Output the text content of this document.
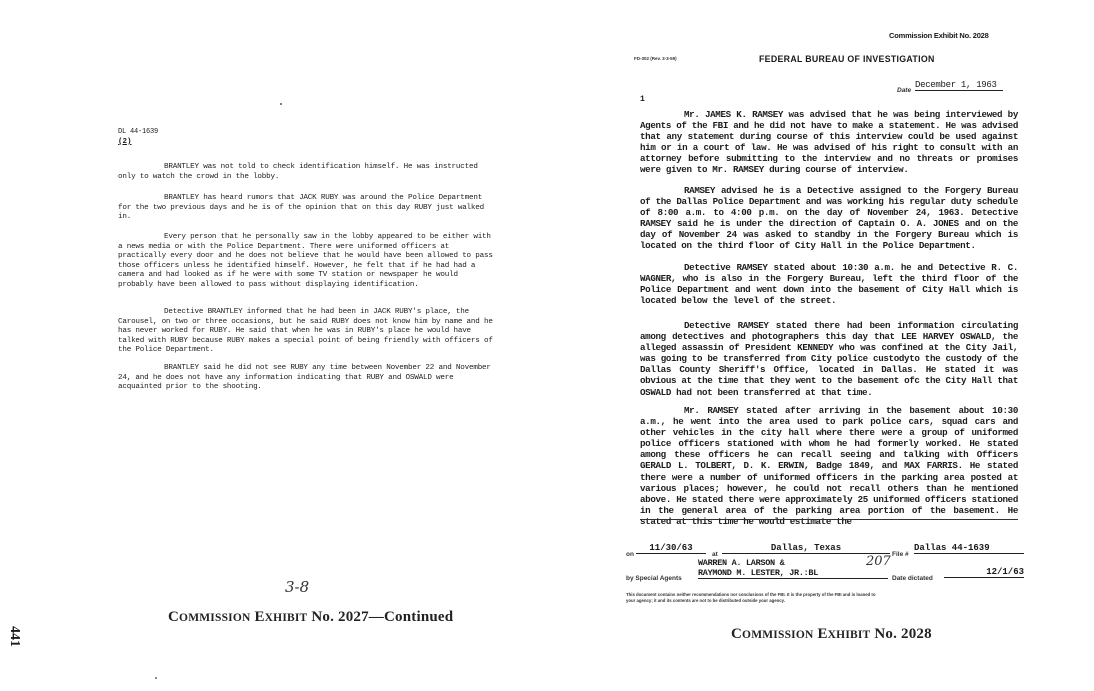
DL 44-1639
(2)
BRANTLEY was not told to check identification himself. He was instructed only to watch the crowd in the lobby.
BRANTLEY has heard rumors that JACK RUBY was around the Police Department for the two previous days and he is of the opinion that on this day RUBY just walked in.
Every person that he personally saw in the lobby appeared to be either with a news media or with the Police Department. There were uniformed officers at practically every door and he does not believe that he would have been allowed to pass those officers unless he identified himself. However, he felt that if he had had a camera and had looked as if he were with some TV station or newspaper he would probably have been allowed to pass without displaying identification.
Detective BRANTLEY informed that he had been in JACK RUBY's place, the Carousel, on two or three occasions, but he said RUBY does not know him by name and he has never worked for RUBY. He said that when he was in RUBY's place he would have talked with RUBY because RUBY makes a special point of being friendly with officers of the Police Department.
BRANTLEY said he did not see RUBY any time between November 22 and November 24, and he does not have any information indicating that RUBY and OSWALD were acquainted prior to the shooting.
3-8
COMMISSION EXHIBIT No. 2027—Continued
441
Commission Exhibit No. 2028
FD-302 (Rev. 3-3-59)	FEDERAL BUREAU OF INVESTIGATION
Date
December 1, 1963
1
Mr. JAMES K. RAMSEY was advised that he was being interviewed by Agents of the FBI and he did not have to make a statement. He was advised that any statement during course of this interview could be used against him or in a court of law. He was advised of his right to consult with an attorney before submitting to the interview and no threats or promises were given to Mr. RAMSEY during course of interview.
RAMSEY advised he is a Detective assigned to the Forgery Bureau of the Dallas Police Department and was working his regular duty schedule of 8:00 a.m. to 4:00 p.m. on the day of November 24, 1963. Detective RAMSEY said he is under the direction of Captain O. A. JONES and on the day of November 24 was asked to standby in the Forgery Bureau which is located on the third floor of City Hall in the Police Department.
Detective RAMSEY stated about 10:30 a.m. he and Detective R. C. WAGNER, who is also in the Forgery Bureau, left the third floor of the Police Department and went down into the basement of City Hall which is located below the level of the street.
Detective RAMSEY stated there had been information circulating among detectives and photographers this day that LEE HARVEY OSWALD, the alleged assassin of President KENNEDY who was confined at the City Jail, was going to be transferred from City police custodyto the custody of the Dallas County Sheriff's Office, located in Dallas. He stated it was obvious at the time that they went to the basement ofc the City Hall that OSWALD had not been transferred at that time.
Mr. RAMSEY stated after arriving in the basement about 10:30 a.m., he went into the area used to park police cars, squad cars and other vehicles in the city hall where there were a group of uniformed police officers stationed with whom he had formerly worked. He stated among these officers he can recall seeing and talking with Officers GERALD L. TOLBERT, D. K. ERWIN, Badge 1849, and MAX FARRIS. He stated there were a number of uniformed officers in the parking area posted at various places; however, he could not recall others than he mentioned above. He stated there were approximately 25 uniformed officers stationed in the general area of the parking area portion of the basement. He stated at this time he would estimate the
on
11/30/63
at
Dallas, Texas
File #
Dallas 44-1639
WARREN A. LARSON &
by Special Agents
RAYMOND M. LESTER, JR.:BL
Date dictated
12/1/63
207
This document contains neither recommendations nor conclusions of the FBI. It is the property of the FBI and is loaned to
your agency; it and its contents are not to be distributed outside your agency.
COMMISSION EXHIBIT No. 2028
